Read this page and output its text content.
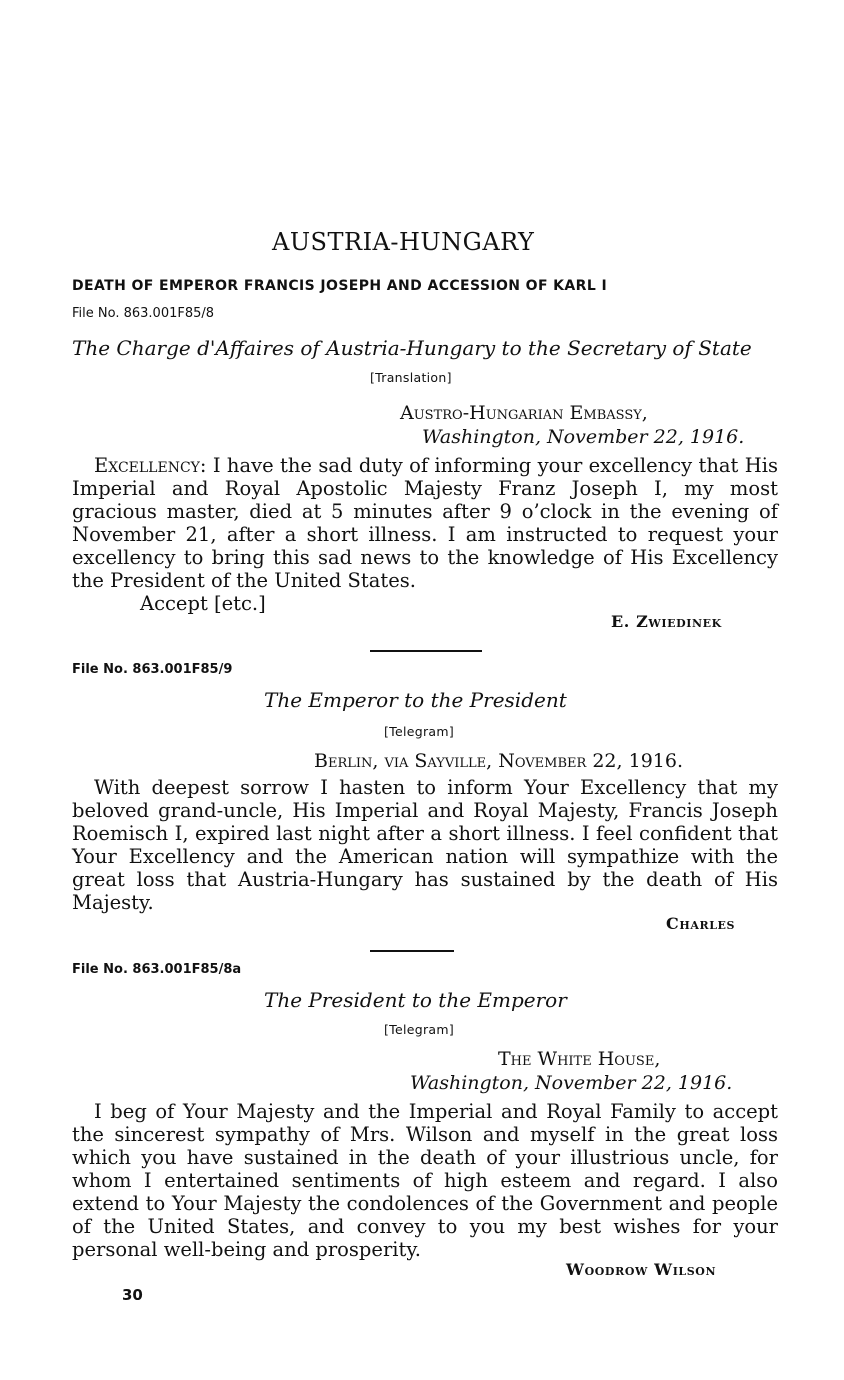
AUSTRIA-HUNGARY
DEATH OF EMPEROR FRANCIS JOSEPH AND ACCESSION OF KARL I
File No. 863.001F85/8
The Charge d'Affaires of Austria-Hungary to the Secretary of State
[Translation]
Austro-Hungarian Embassy,
Washington, November 22, 1916.

Excellency: I have the sad duty of informing your excellency that His Imperial and Royal Apostolic Majesty Franz Joseph I, my most gracious master, died at 5 minutes after 9 o’clock in the evening of November 21, after a short illness. I am instructed to request your excellency to bring this sad news to the knowledge of His Excellency the President of the United States.

Accept [etc.]
E. Zwiedinek
File No. 863.001F85/9
The Emperor to the President
[Telegram]
Berlin, via Sayville, November 22, 1916.

With deepest sorrow I hasten to inform Your Excellency that my beloved grand-uncle, His Imperial and Royal Majesty, Francis Joseph Roemisch I, expired last night after a short illness. I feel confident that Your Excellency and the American nation will sympathize with the great loss that Austria-Hungary has sustained by the death of His Majesty.

Charles
File No. 863.001F85/8a
The President to the Emperor
[Telegram]
The White House,
Washington, November 22, 1916.

I beg of Your Majesty and the Imperial and Royal Family to accept the sincerest sympathy of Mrs. Wilson and myself in the great loss which you have sustained in the death of your illustrious uncle, for whom I entertained sentiments of high esteem and regard. I also extend to Your Majesty the condolences of the Government and people of the United States, and convey to you my best wishes for your personal well-being and prosperity.

Woodrow Wilson
30
